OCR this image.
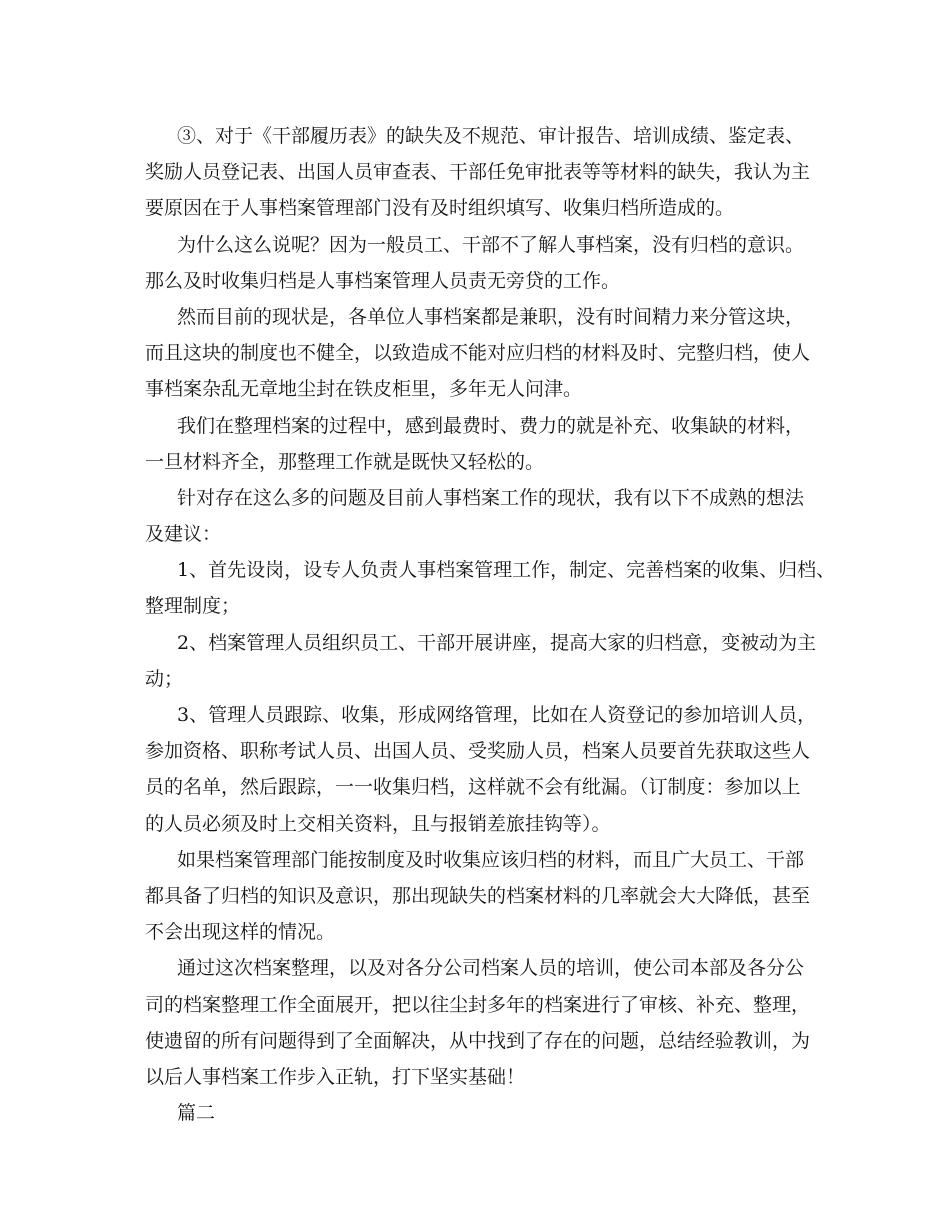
③、对于《干部履历表》的缺失及不规范、审计报告、培训成绩、鉴定表、
奖励人员登记表、出国人员审查表、干部任免审批表等等材料的缺失，我认为主
要原因在于人事档案管理部门没有及时组织填写、收集归档所造成的。
为什么这么说呢？因为一般员工、干部不了解人事档案，没有归档的意识。
那么及时收集归档是人事档案管理人员责无旁贷的工作。
然而目前的现状是，各单位人事档案都是兼职，没有时间精力来分管这块，
而且这块的制度也不健全，以致造成不能对应归档的材料及时、完整归档，使人
事档案杂乱无章地尘封在铁皮柜里，多年无人问津。
我们在整理档案的过程中，感到最费时、费力的就是补充、收集缺的材料，
一旦材料齐全，那整理工作就是既快又轻松的。
针对存在这么多的问题及目前人事档案工作的现状，我有以下不成熟的想法
及建议：
1、首先设岗，设专人负责人事档案管理工作，制定、完善档案的收集、归档、
整理制度；
2、档案管理人员组织员工、干部开展讲座，提高大家的归档意，变被动为主
动；
3、管理人员跟踪、收集，形成网络管理，比如在人资登记的参加培训人员，
参加资格、职称考试人员、出国人员、受奖励人员，档案人员要首先获取这些人
员的名单，然后跟踪，一一收集归档，这样就不会有纰漏。（订制度：参加以上
的人员必须及时上交相关资料，且与报销差旅挂钩等）。
如果档案管理部门能按制度及时收集应该归档的材料，而且广大员工、干部
都具备了归档的知识及意识，那出现缺失的档案材料的几率就会大大降低，甚至
不会出现这样的情况。
通过这次档案整理，以及对各分公司档案人员的培训，使公司本部及各分公
司的档案整理工作全面展开，把以往尘封多年的档案进行了审核、补充、整理，
使遗留的所有问题得到了全面解决，从中找到了存在的问题，总结经验教训，为
以后人事档案工作步入正轨，打下坚实基础！
篇二
